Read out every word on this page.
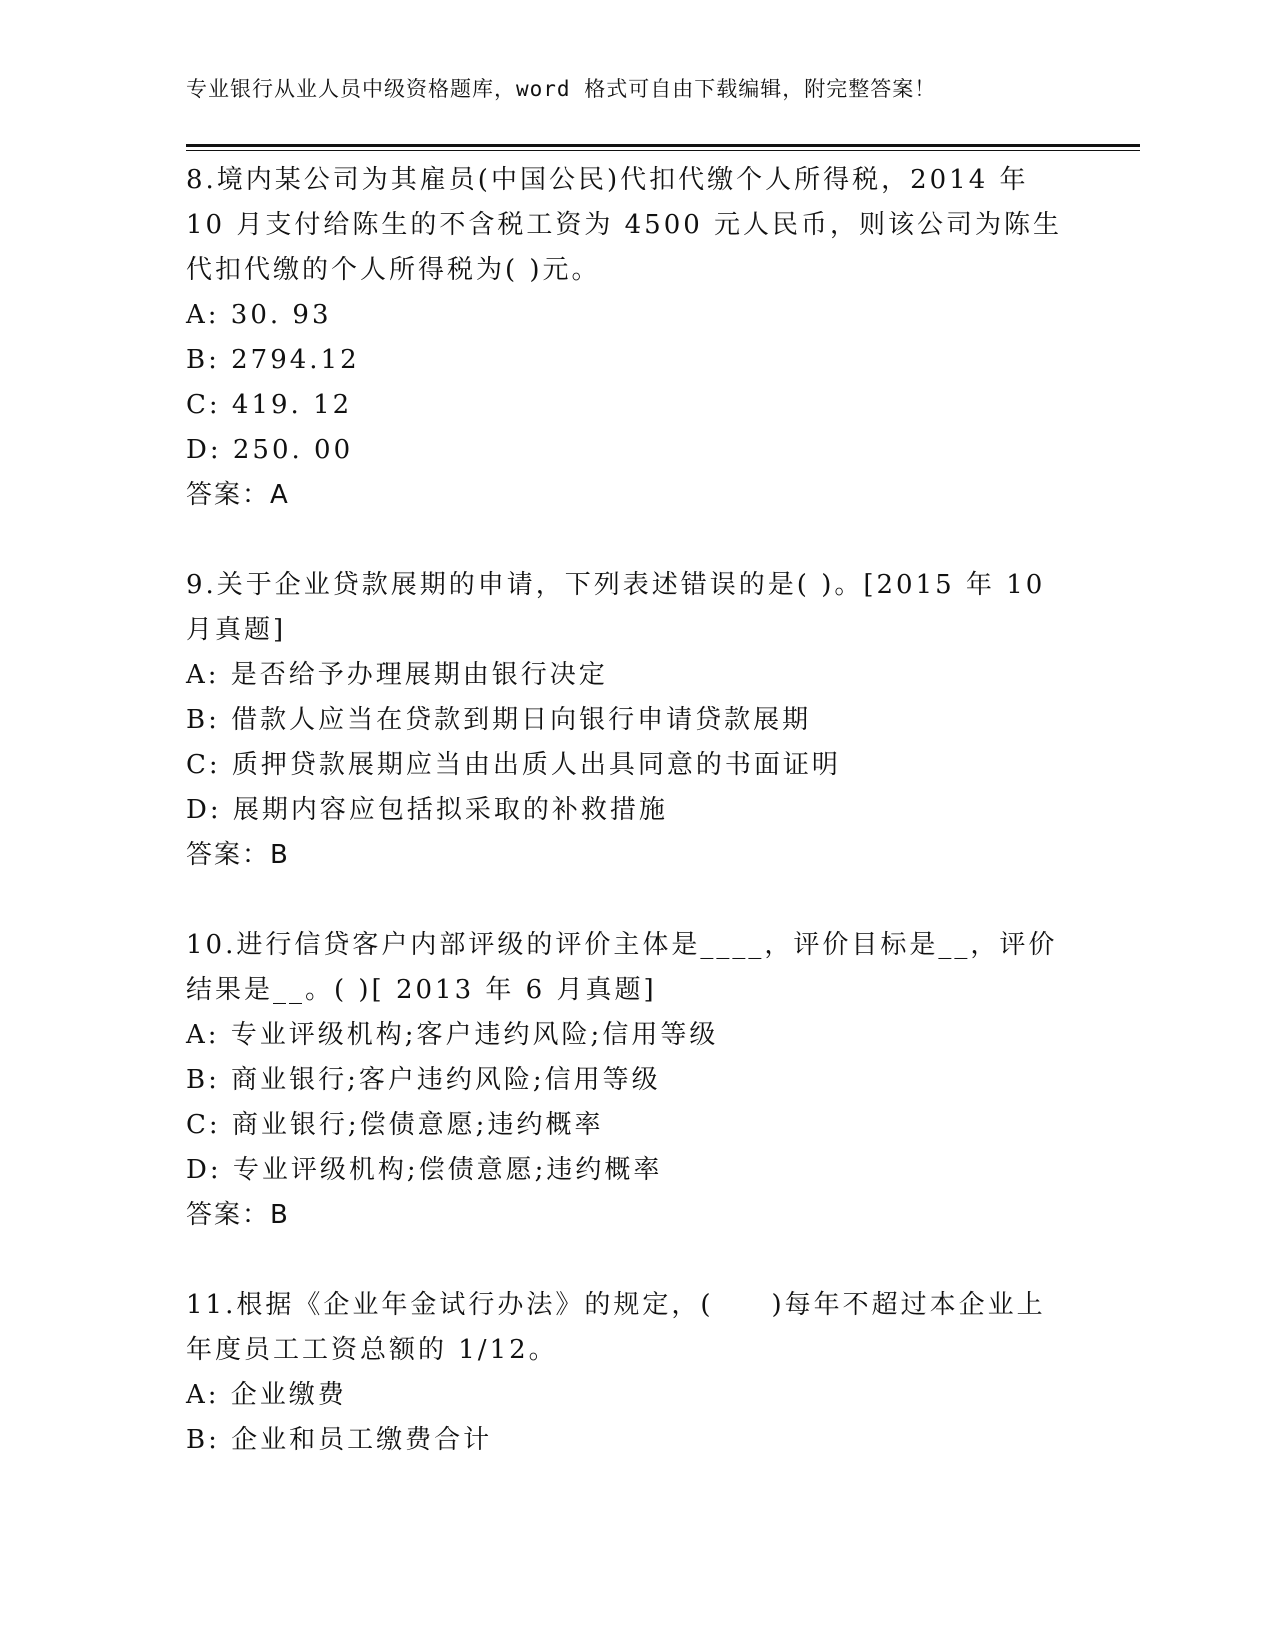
专业银行从业人员中级资格题库，word 格式可自由下载编辑，附完整答案！

8.境内某公司为其雇员(中国公民)代扣代缴个人所得税，2014 年 10 月支付给陈生的不含税工资为 4500 元人民币，则该公司为陈生代扣代缴的个人所得税为( )元。

A: 30. 93

B: 2794.12

C: 419. 12

D: 250. 00

答案：A

9.关于企业贷款展期的申请，下列表述错误的是( )。[2015 年 10 月真题]

A: 是否给予办理展期由银行决定

B: 借款人应当在贷款到期日向银行申请贷款展期

C: 质押贷款展期应当由出质人出具同意的书面证明

D: 展期内容应包括拟采取的补救措施

答案：B

10.进行信贷客户内部评级的评价主体是____，评价目标是__，评价结果是__。( )[ 2013 年 6 月真题]

A: 专业评级机构;客户违约风险;信用等级

B: 商业银行;客户违约风险;信用等级

C: 商业银行;偿债意愿;违约概率

D: 专业评级机构;偿债意愿;违约概率

答案：B

11.根据《企业年金试行办法》的规定，(　　)每年不超过本企业上年度员工工资总额的 1/12。

A: 企业缴费

B: 企业和员工缴费合计
